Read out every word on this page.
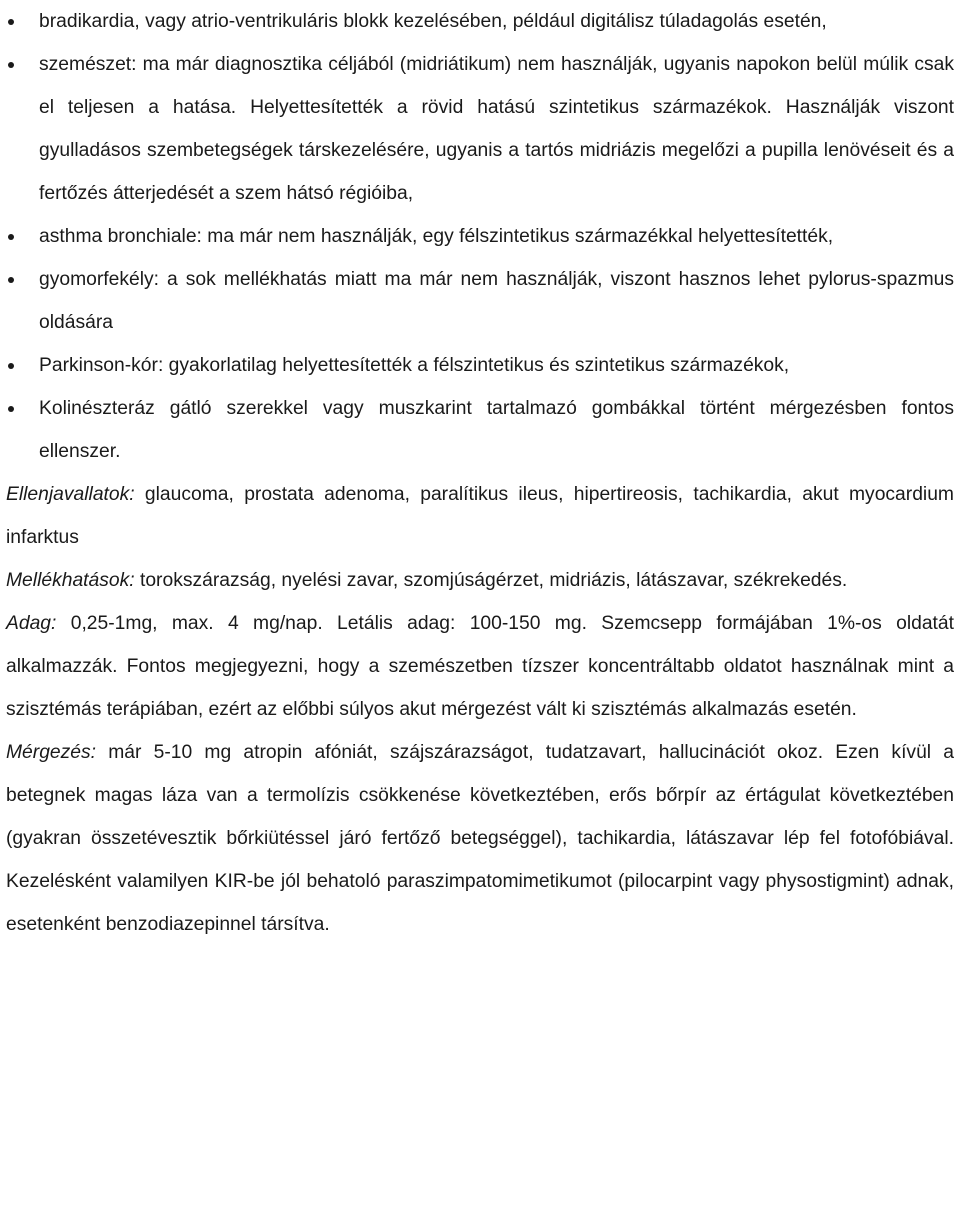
bradikardia, vagy atrio-ventrikuláris blokk kezelésében, például digitálisz túladagolás esetén,
szemészet: ma már diagnosztika céljából (midriátikum) nem használják, ugyanis napokon belül múlik csak el teljesen a hatása. Helyettesítették a rövid hatású szintetikus származékok. Használják viszont gyulladásos szembetegségek társkezelésére, ugyanis a tartós midriázis megelőzi a pupilla lenövéseit és a fertőzés átterjedését a szem hátsó régióiba,
asthma bronchiale: ma már nem használják, egy félszintetikus származékkal helyettesítették,
gyomorfekély: a sok mellékhatás miatt ma már nem használják, viszont hasznos lehet pylorus-spazmus oldására
Parkinson-kór: gyakorlatilag helyettesítették a félszintetikus és szintetikus származékok,
Kolinészteráz gátló szerekkel vagy muszkarint tartalmazó gombákkal történt mérgezésben fontos ellenszer.

Ellenjavallatok: glaucoma, prostata adenoma, paralítikus ileus, hipertireosis, tachikardia, akut myocardium infarktus

Mellékhatások: torokszárazság, nyelési zavar, szomjúságérzet, midriázis, látászavar, székrekedés.

Adag: 0,25-1mg, max. 4 mg/nap. Letális adag: 100-150 mg. Szemcsepp formájában 1%-os oldatát alkalmazzák. Fontos megjegyezni, hogy a szemészetben tízszer koncentráltabb oldatot használnak mint a szisztémás terápiában, ezért az előbbi súlyos akut mérgezést vált ki szisztémás alkalmazás esetén.

Mérgezés: már 5-10 mg atropin afóniát, szájszárazságot, tudatzavart, hallucinációt okoz. Ezen kívül a betegnek magas láza van a termolízis csökkenése következtében, erős bőrpír az értágulat következtében (gyakran összetévesztik bőrkiütéssel járó fertőző betegséggel), tachikardia, látászavar lép fel fotofóbiával. Kezelésként valamilyen KIR-be jól behatoló paraszimpatomimetikumot (pilocarpint vagy physostigmint) adnak, esetenként benzodiazepinnel társítva.
